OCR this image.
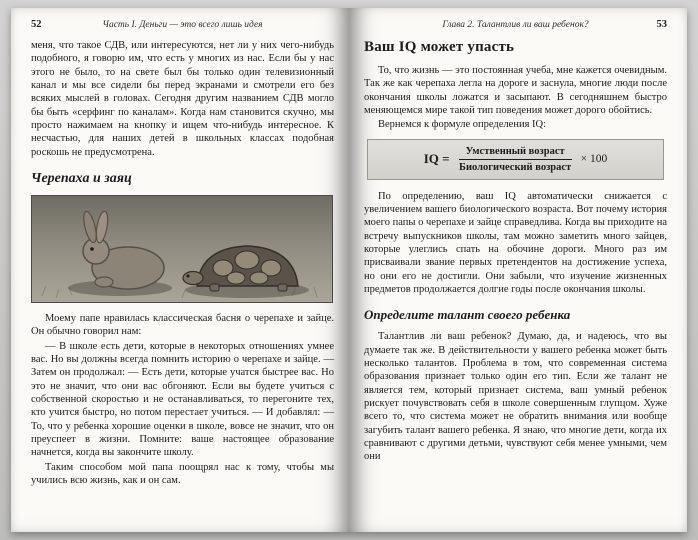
52	Часть I. Деньги — это всего лишь идея

меня, что такое СДВ, или интересуются, нет ли у них чего-нибудь подобного, я говорю им, что есть у многих из нас. Если бы у нас этого не было, то на свете был бы только один телевизионный канал и мы все сидели бы перед экранами и смотрели его без всяких мыслей в головах. Сегодня другим названием СДВ могло бы быть «серфинг по каналам». Когда нам становится скучно, мы просто нажимаем на кнопку и ищем что-нибудь интересное. К несчастью, для наших детей в школьных классах подобная роскошь не предусмотрена.

Черепаха и заяц

Моему папе нравилась классическая басня о черепахе и зайце. Он обычно говорил нам:

— В школе есть дети, которые в некоторых отношениях умнее вас. Но вы должны всегда помнить историю о черепахе и зайце. — Затем он продолжал: — Есть дети, которые учатся быстрее вас. Но это не значит, что они вас обгоняют. Если вы будете учиться с собственной скоростью и не останавливаться, то перегоните тех, кто учится быстро, но потом перестает учиться. — И добавлял: — То, что у ребенка хорошие оценки в школе, вовсе не значит, что он преуспеет в жизни. Помните: ваше настоящее образование начнется, когда вы закончите школу.

Таким способом мой папа поощрял нас к тому, чтобы мы учились всю жизнь, как и он сам.

Глава 2. Талантлив ли ваш ребенок?	53
Ваш IQ может упасть

То, что жизнь — это постоянная учеба, мне кажется очевидным. Так же как черепаха легла на дороге и заснула, многие люди после окончания школы ложатся и засыпают. В сегодняшнем быстро меняющемся мире такой тип поведения может дорого обойтись.

Вернемся к формуле определения IQ:

IQ = $\frac{\text{Умственный возраст}}{\text{Биологический возраст}} \times 100$

По определению, ваш IQ автоматически снижается с увеличением вашего биологического возраста. Вот почему история моего папы о черепахе и зайце справедлива. Когда вы приходите на встречу выпускников школы, там можно заметить много зайцев, которые улеглись спать на обочине дороги. Много раз им присваивали звание первых претендентов на достижение успеха, но они его не достигли. Они забыли, что изучение жизненных предметов продолжается долгие годы после окончания школы.

Определите талант своего ребенка

Талантлив ли ваш ребенок? Думаю, да, и надеюсь, что вы думаете так же. В действительности у вашего ребенка может быть несколько талантов. Проблема в том, что современная система образования признает только один его тип. Если же талант не является тем, который признает система, ваш умный ребенок рискует почувствовать себя в школе совершенным глупцом. Хуже всего то, что система может не обратить внимания или вообще загубить талант вашего ребенка. Я знаю, что многие дети, когда их сравнивают с другими детьми, чувствуют себя менее умными, чем они
